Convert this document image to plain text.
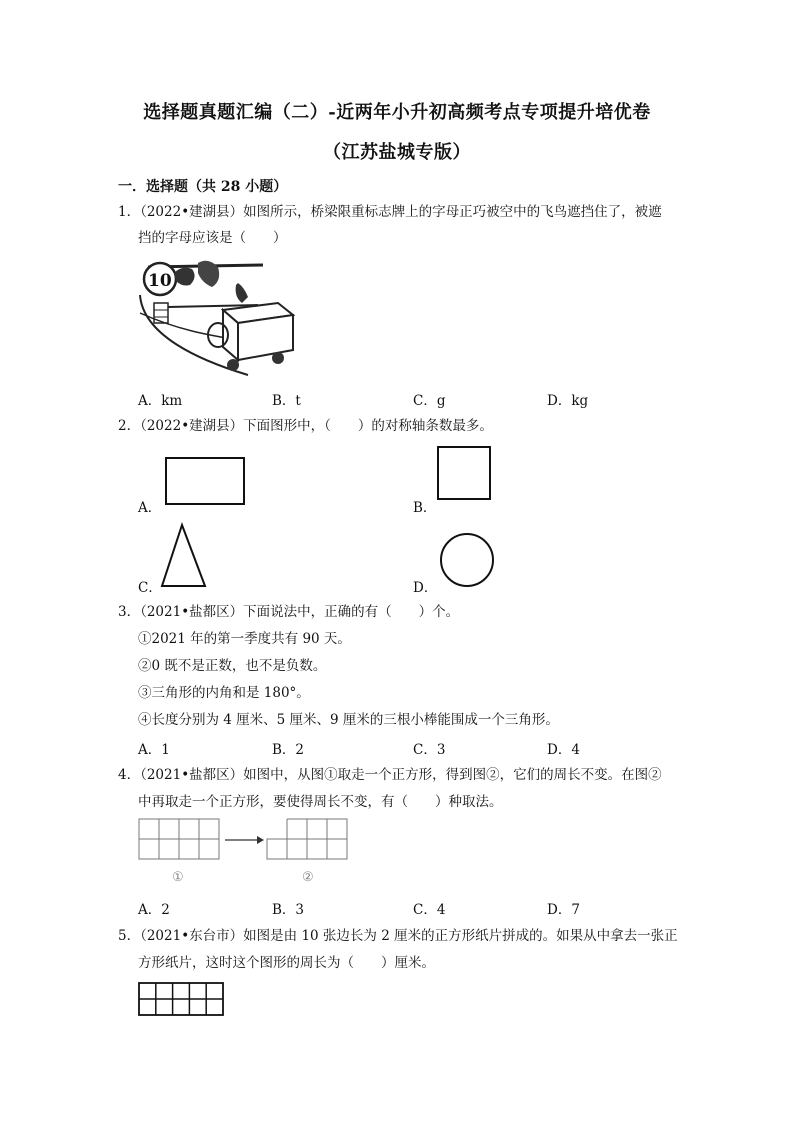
选择题真题汇编（二）-近两年小升初高频考点专项提升培优卷
（江苏盐城专版）
一．选择题（共 28 小题）
1．（2022•建湖县）如图所示，桥梁限重标志牌上的字母正巧被空中的飞鸟遮挡住了，被遮
挡的字母应该是（　　）
10
A．km	B．t	C．g	D．kg
2．（2022•建湖县）下面图形中，（　　）的对称轴条数最多。
A．	B．
C．	D．
3．（2021•盐都区）下面说法中，正确的有（　　）个。
①2021 年的第一季度共有 90 天。
②0 既不是正数，也不是负数。
③三角形的内角和是 180°。
④长度分别为 4 厘米、5 厘米、9 厘米的三根小棒能围成一个三角形。
A．1	B．2	C．3	D．4
4．（2021•盐都区）如图中，从图①取走一个正方形，得到图②，它们的周长不变。在图②
中再取走一个正方形，要使得周长不变，有（　　）种取法。
①	②
A．2	B．3	C．4	D．7
5．（2021•东台市）如图是由 10 张边长为 2 厘米的正方形纸片拼成的。如果从中拿去一张正
方形纸片，这时这个图形的周长为（　　）厘米。
